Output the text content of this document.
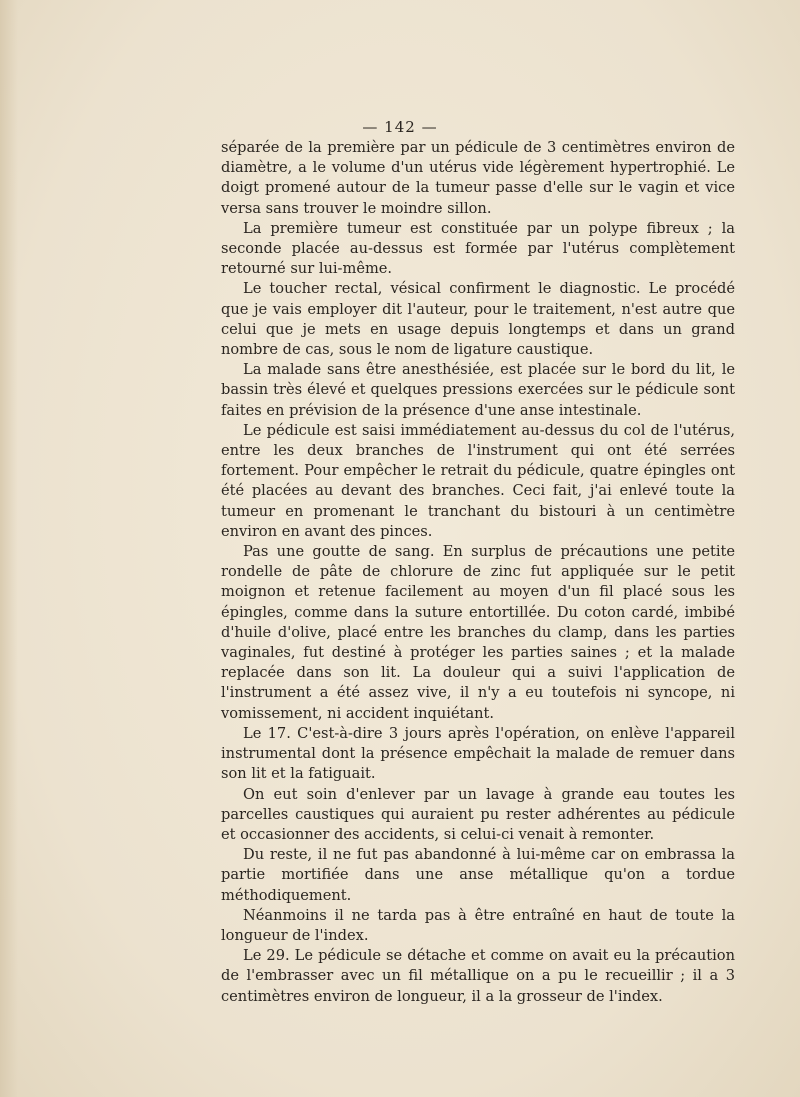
— 142 —

séparée de la première par un pédicule de 3 centimètres environ de diamètre, a le volume d'un utérus vide légèrement hypertrophié. Le doigt promené autour de la tumeur passe d'elle sur le vagin et vice versa sans trouver le moindre sillon.

La première tumeur est constituée par un polype fibreux ; la seconde placée au-dessus est formée par l'utérus complètement retourné sur lui-même.

Le toucher rectal, vésical confirment le diagnostic. Le procédé que je vais employer dit l'auteur, pour le traitement, n'est autre que celui que je mets en usage depuis longtemps et dans un grand nombre de cas, sous le nom de ligature caustique.

La malade sans être anesthésiée, est placée sur le bord du lit, le bassin très élevé et quelques pressions exercées sur le pédicule sont faites en prévision de la présence d'une anse intestinale.

Le pédicule est saisi immédiatement au-dessus du col de l'utérus, entre les deux branches de l'instrument qui ont été serrées fortement. Pour empêcher le retrait du pédicule, quatre épingles ont été placées au devant des branches. Ceci fait, j'ai enlevé toute la tumeur en promenant le tranchant du bistouri à un centimètre environ en avant des pinces.

Pas une goutte de sang. En surplus de précautions une petite rondelle de pâte de chlorure de zinc fut appliquée sur le petit moignon et retenue facilement au moyen d'un fil placé sous les épingles, comme dans la suture entortillée. Du coton cardé, imbibé d'huile d'olive, placé entre les branches du clamp, dans les parties vaginales, fut destiné à protéger les parties saines ; et la malade replacée dans son lit. La douleur qui a suivi l'application de l'instrument a été assez vive, il n'y a eu toutefois ni syncope, ni vomissement, ni accident inquiétant.

Le 17. C'est-à-dire 3 jours après l'opération, on enlève l'appareil instrumental dont la présence empêchait la malade de remuer dans son lit et la fatiguait.

On eut soin d'enlever par un lavage à grande eau toutes les parcelles caustiques qui auraient pu rester adhérentes au pédicule et occasionner des accidents, si celui-ci venait à remonter.

Du reste, il ne fut pas abandonné à lui-même car on embrassa la partie mortifiée dans une anse métallique qu'on a tordue méthodiquement.

Néanmoins il ne tarda pas à être entraîné en haut de toute la longueur de l'index.

Le 29. Le pédicule se détache et comme on avait eu la précaution de l'embrasser avec un fil métallique on a pu le recueillir ; il a 3 centimètres environ de longueur, il a la grosseur de l'index.
